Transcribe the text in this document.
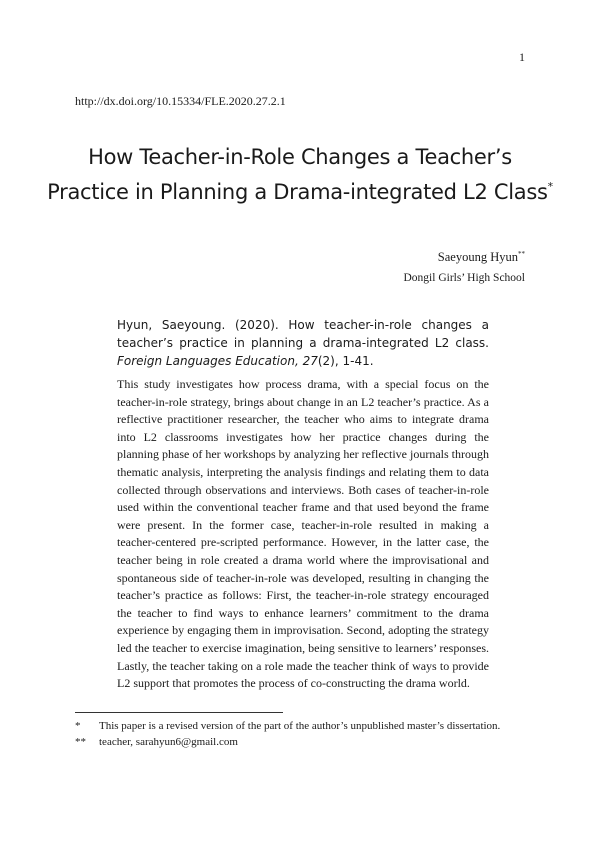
1
http://dx.doi.org/10.15334/FLE.2020.27.2.1
How Teacher-in-Role Changes a Teacher’s
Practice in Planning a Drama-integrated L2 Class*
Saeyoung Hyun**
Dongil Girls’ High School
Hyun, Saeyoung. (2020). How teacher-in-role changes a teacher’s practice in planning a drama-integrated L2 class. Foreign Languages Education, 27(2), 1-41.
This study investigates how process drama, with a special focus on the teacher-in-role strategy, brings about change in an L2 teacher’s practice. As a reflective practitioner researcher, the teacher who aims to integrate drama into L2 classrooms investigates how her practice changes during the planning phase of her workshops by analyzing her reflective journals through thematic analysis, interpreting the analysis findings and relating them to data collected through observations and interviews. Both cases of teacher-in-role used within the conventional teacher frame and that used beyond the frame were present. In the former case, teacher-in-role resulted in making a teacher-centered pre-scripted performance. However, in the latter case, the teacher being in role created a drama world where the improvisational and spontaneous side of teacher-in-role was developed, resulting in changing the teacher’s practice as follows: First, the teacher-in-role strategy encouraged the teacher to find ways to enhance learners’ commitment to the drama experience by engaging them in improvisation. Second, adopting the strategy led the teacher to exercise imagination, being sensitive to learners’ responses. Lastly, the teacher taking on a role made the teacher think of ways to provide L2 support that promotes the process of co-constructing the drama world.
* This paper is a revised version of the part of the author’s unpublished master’s dissertation.
** teacher, sarahyun6@gmail.com
